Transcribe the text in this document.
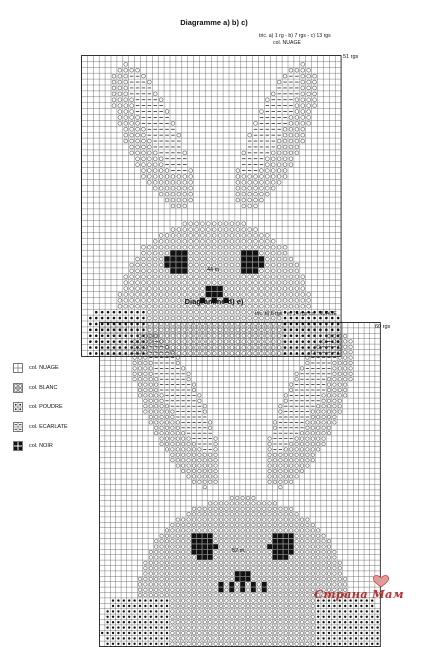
Diagramme a) b) c)
tric. a) 1 rg - b) 7 rgs - c) 13 rgs
col. NUAGE
51 rgs
44 m.
Diagramme d) e)
tric. d) 8 rgs - e) 14 rgs col. NUAGE
60 rgs
52 m.
col. NUAGE
col. BLANC
col. POUDRE
col. ECARLATE
col. NOIR
Страна Мам
